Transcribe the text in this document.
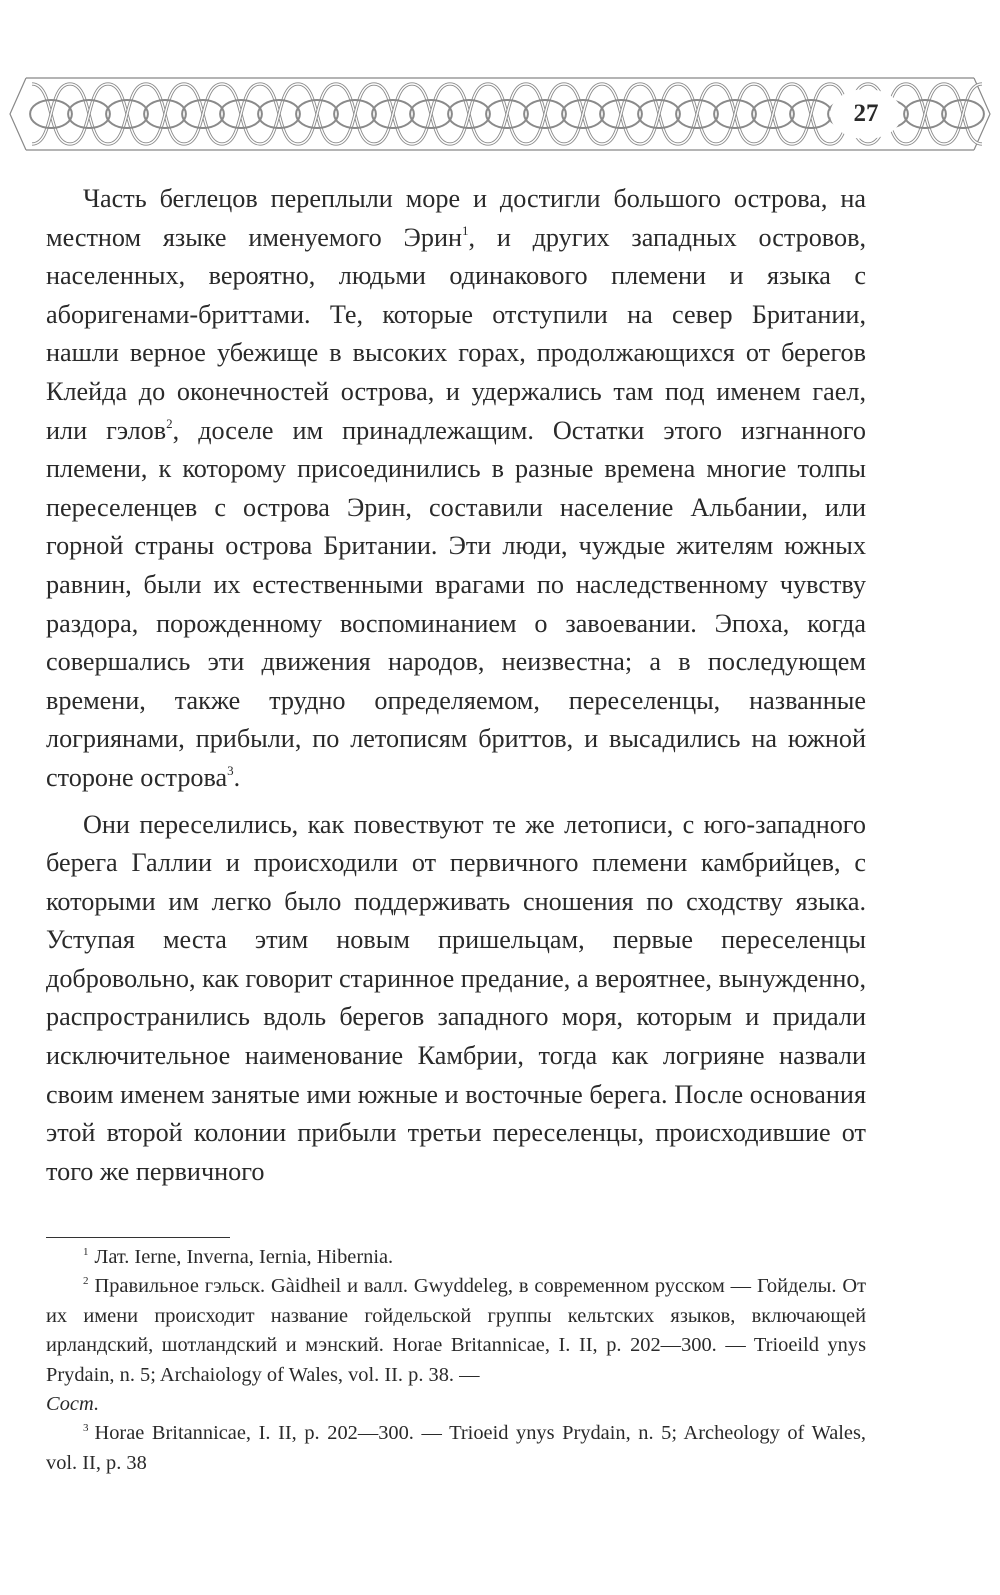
27

Часть беглецов переплыли море и достигли большого острова, на местном языке именуемого Эрин$^1$, и других западных островов, населенных, вероятно, людьми одинакового племени и языка с аборигенами-бриттами. Те, которые отступили на север Британии, нашли верное убежище в высоких горах, продолжающихся от берегов Клейда до оконечностей острова, и удержались там под именем гаел, или гэлов$^2$, доселе им принадлежащим. Остатки этого изгнанного племени, к которому присоединились в разные времена многие толпы переселенцев с острова Эрин, составили население Альбании, или горной страны острова Британии. Эти люди, чуждые жителям южных равнин, были их естественными врагами по наследственному чувству раздора, порожденному воспоминанием о завоевании. Эпоха, когда совершались эти движения народов, неизвестна; а в последующем времени, также трудно определяемом, переселенцы, названные логриянами, прибыли, по летописям бриттов, и высадились на южной стороне острова$^3$.

Они переселились, как повествуют те же летописи, с юго-западного берега Галлии и происходили от первичного племени камбрийцев, с которыми им легко было поддерживать сношения по сходству языка. Уступая места этим новым пришельцам, первые переселенцы добровольно, как говорит старинное предание, а вероятнее, вынужденно, распространились вдоль берегов западного моря, которым и придали исключительное наименование Камбрии, тогда как логрияне назвали своим именем занятые ими южные и восточные берега. После основания этой второй колонии прибыли третьи переселенцы, происходившие от того же первичного

$^1$ Лат. Ierne, Inverna, Iernia, Hibernia.

$^2$ Правильное гэльск. Gàidheil и валл. Gwyddeleg, в современном русском — Гойделы. От их имени происходит название гойдельской группы кельтских языков, включающей ирландский, шотландский и мэнский. Horae Britannicae, I. II, p. 202—300. — Trioeild ynys Prydain, n. 5; Archaiology of Wales, vol. II. p. 38. —
Сост.

$^3$ Horae Britannicae, I. II, p. 202—300. — Trioeid ynys Prydain, n. 5; Archeology of Wales, vol. II, p. 38
